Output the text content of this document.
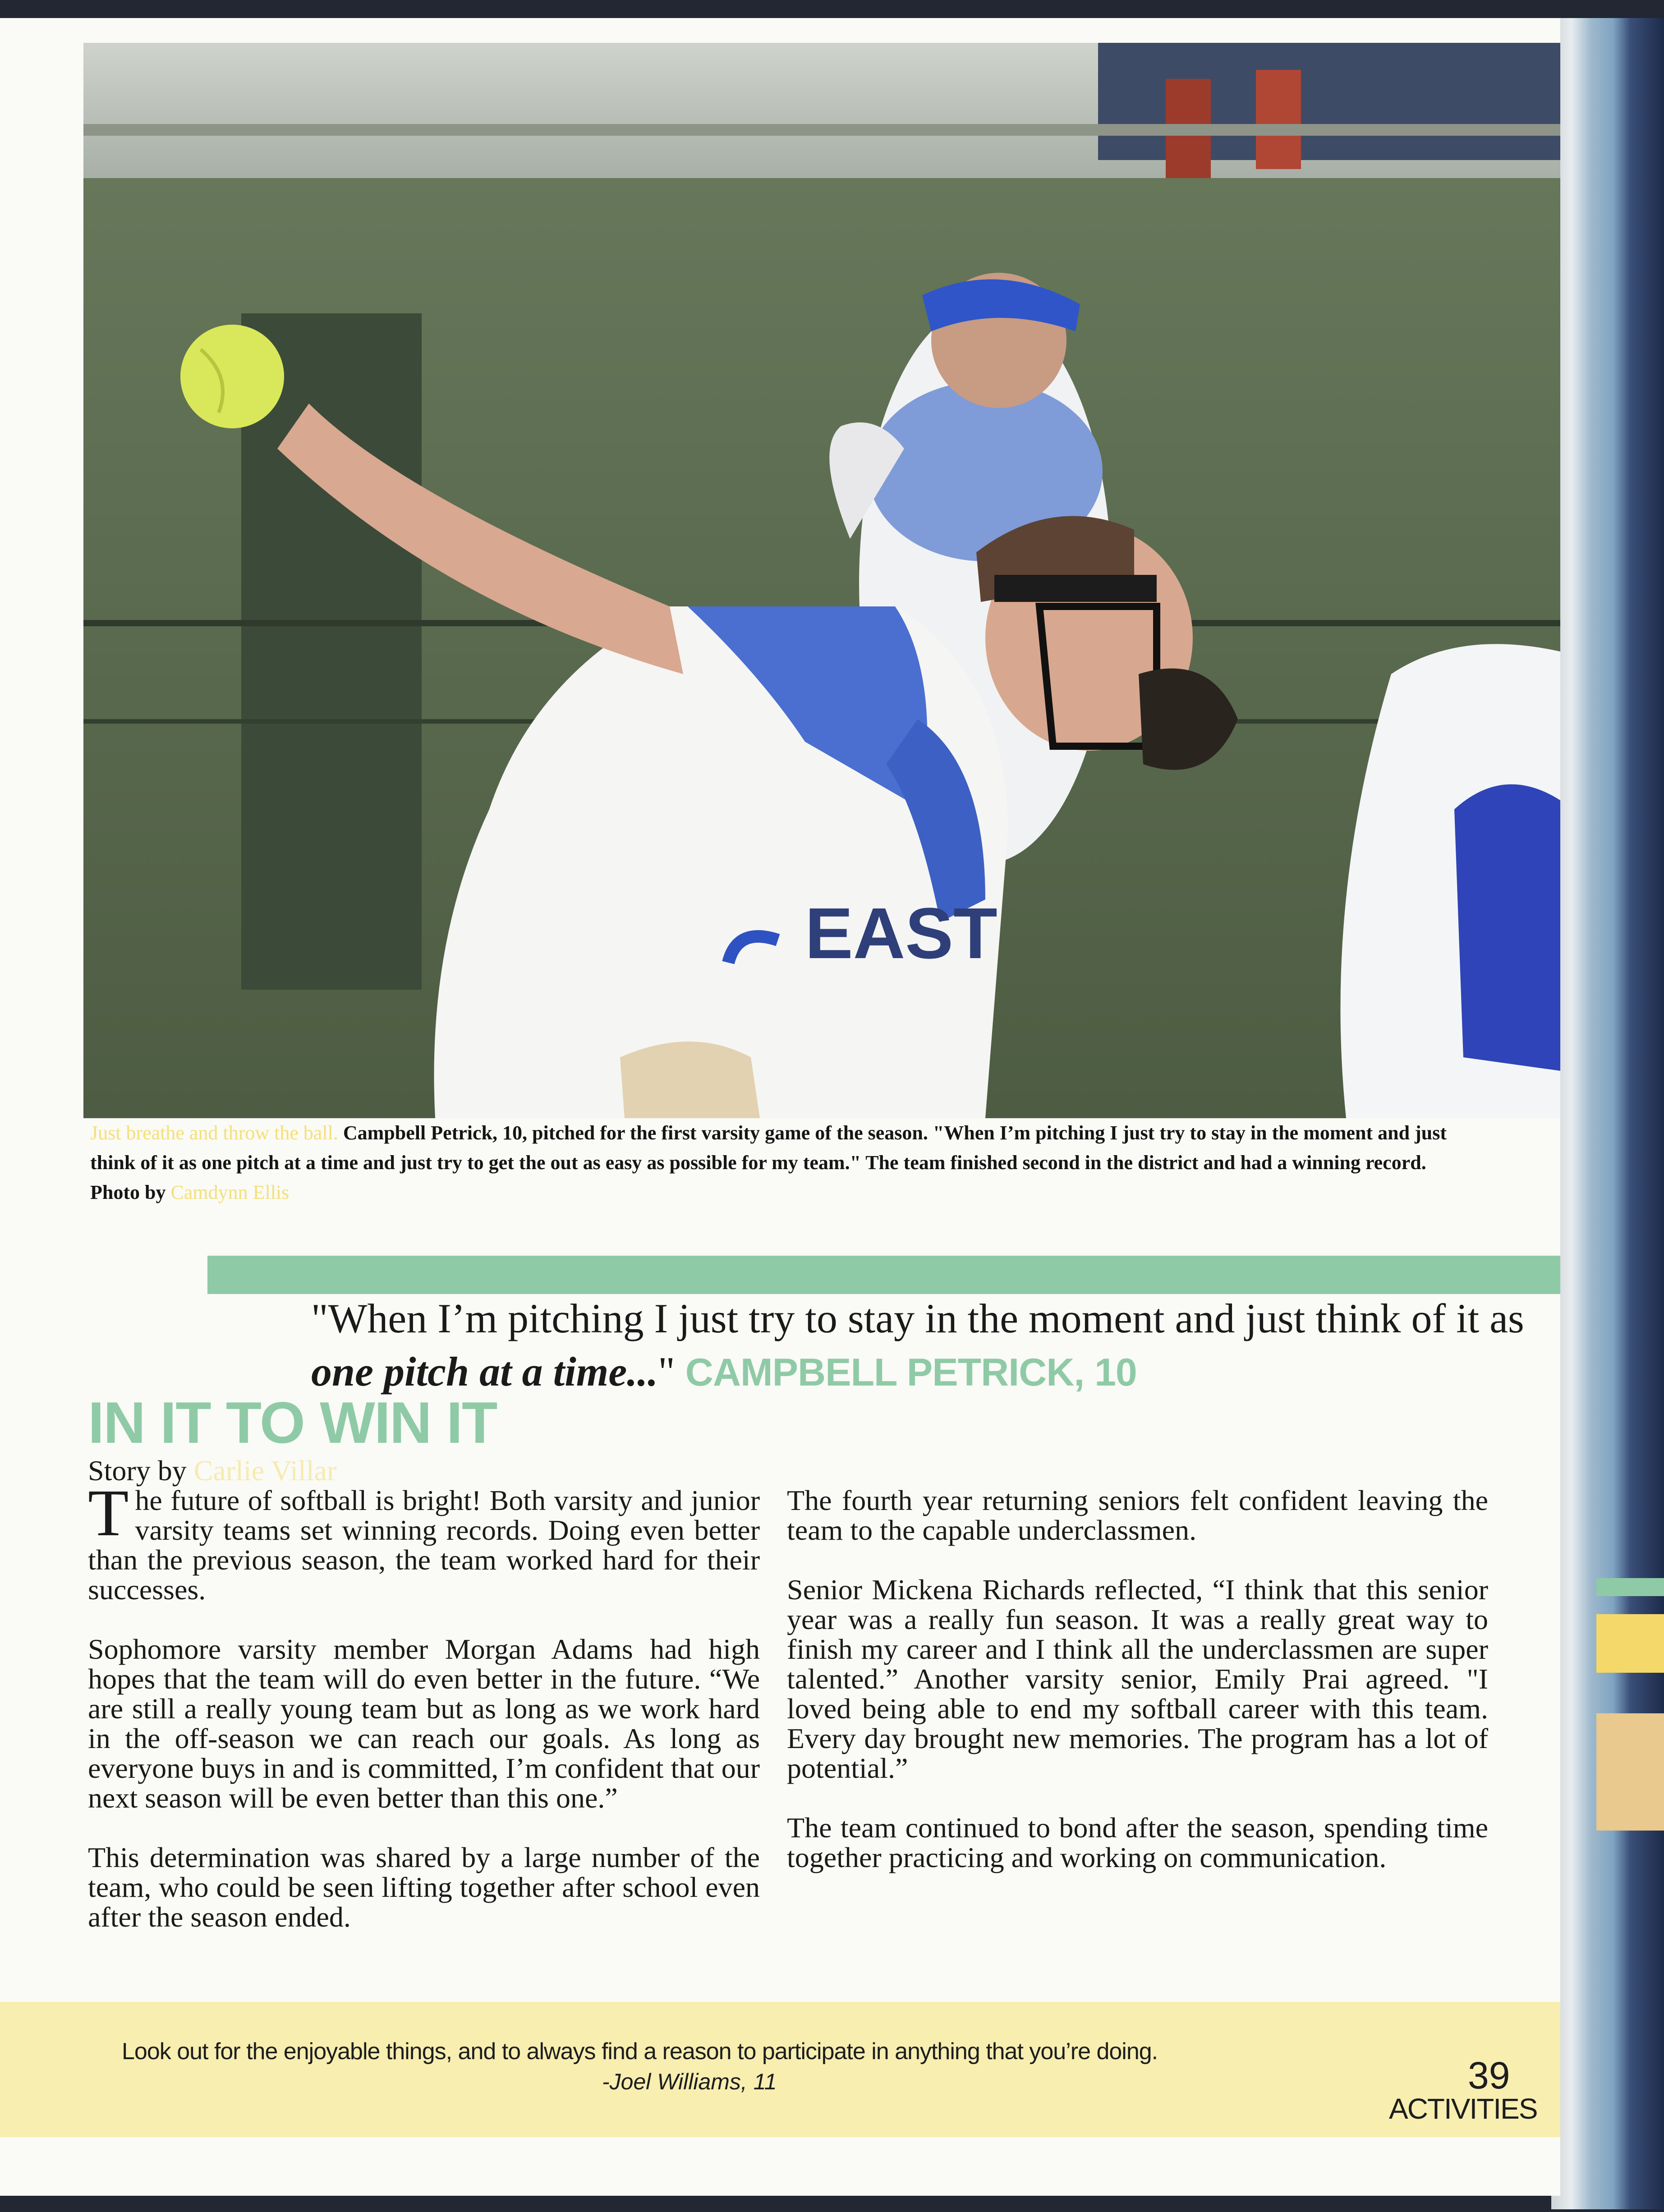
EAST
Just breathe and throw the ball. Campbell Petrick, 10, pitched for the first varsity game of the season. "When I’m pitching I just try to stay in the moment and just think of it as one pitch at a time and just try to get the out as easy as possible for my team." The team finished second in the district and had a winning record. Photo by Camdynn Ellis
"When I’m pitching I just try to stay in the moment and just think of it as one pitch at a time..." CAMPBELL PETRICK, 10
IN IT TO WIN IT
Story by Carlie Villar

The future of softball is bright! Both varsity and junior varsity teams set winning records. Doing even better than the previous season, the team worked hard for their successes.

Sophomore varsity member Morgan Adams had high hopes that the team will do even better in the future. “We are still a really young team but as long as we work hard in the off-season we can reach our goals. As long as everyone buys in and is committed, I’m confident that our next season will be even better than this one.”

This determination was shared by a large number of the team, who could be seen lifting together after school even after the season ended.

The fourth year returning seniors felt confident leaving the team to the capable underclassmen.

Senior Mickena Richards reflected, “I think that this senior year was a really fun season. It was a really great way to finish my career and I think all the underclassmen are super talented.” Another varsity senior, Emily Prai agreed. "I loved being able to end my softball career with this team. Every day brought new memories. The program has a lot of potential.”

The team continued to bond after the season, spending time together practicing and working on communication.

Look out for the enjoyable things, and to always find a reason to participate in anything that you’re doing.
-Joel Williams, 11	39
ACTIVITIES
